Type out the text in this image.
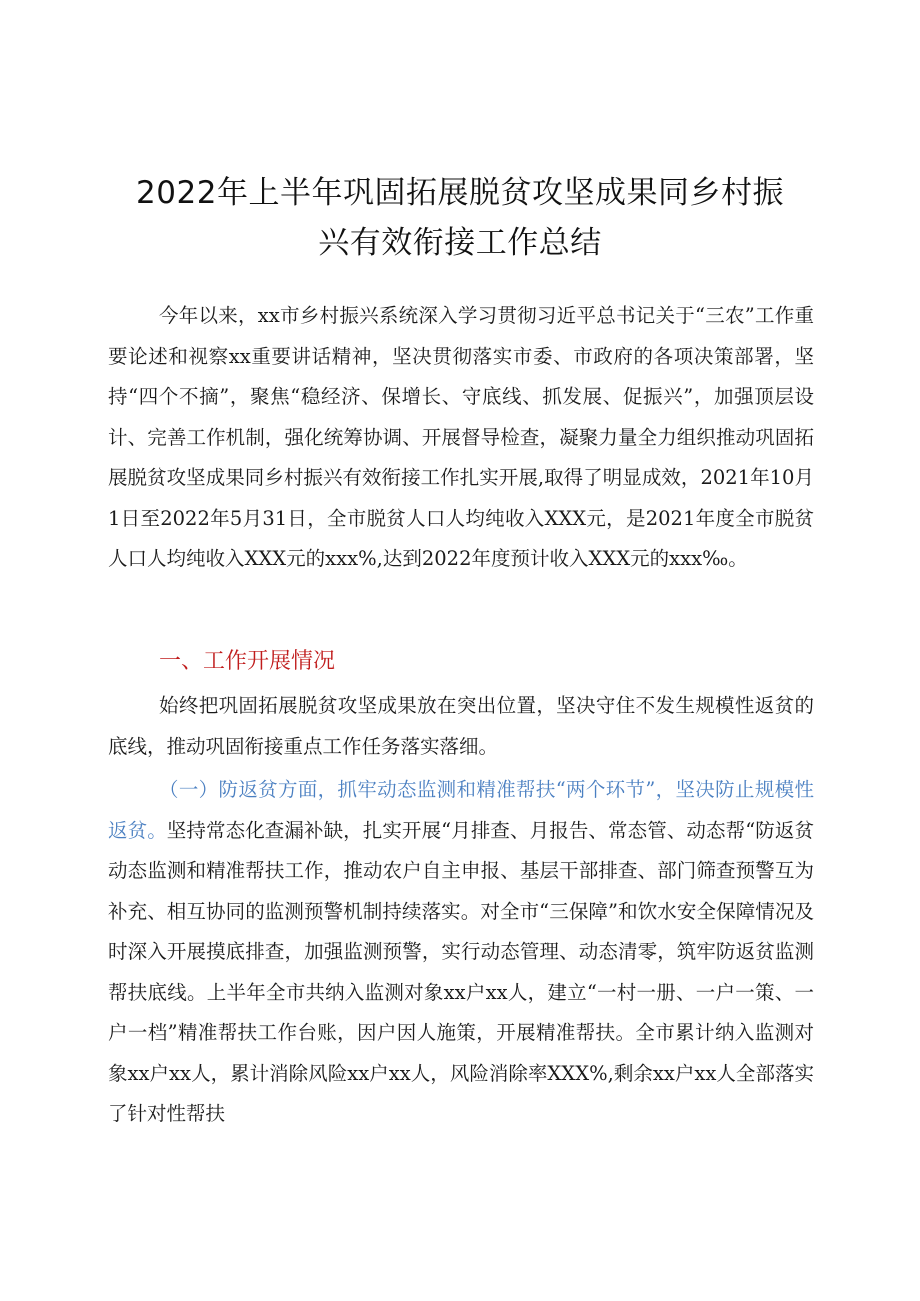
2022年上半年巩固拓展脱贫攻坚成果同乡村振
兴有效衔接工作总结

今年以来，xx市乡村振兴系统深入学习贯彻习近平总书记关于“三农”工作重要论述和视察xx重要讲话精神，坚决贯彻落实市委、市政府的各项决策部署，坚持“四个不摘”，聚焦“稳经济、保增长、守底线、抓发展、促振兴”，加强顶层设计、完善工作机制，强化统筹协调、开展督导检查，凝聚力量全力组织推动巩固拓展脱贫攻坚成果同乡村振兴有效衔接工作扎实开展,取得了明显成效，2021年10月1日至2022年5月31日，全市脱贫人口人均纯收入XXX元，是2021年度全市脱贫人口人均纯收入XXX元的xxx%,达到2022年度预计收入XXX元的xxx‰。

一、工作开展情况

始终把巩固拓展脱贫攻坚成果放在突出位置，坚决守住不发生规模性返贫的底线，推动巩固衔接重点工作任务落实落细。

（一）防返贫方面，抓牢动态监测和精准帮扶“两个环节”，坚决防止规模性返贫。坚持常态化查漏补缺，扎实开展“月排查、月报告、常态管、动态帮“防返贫动态监测和精准帮扶工作，推动农户自主申报、基层干部排查、部门筛查预警互为补充、相互协同的监测预警机制持续落实。对全市“三保障”和饮水安全保障情况及时深入开展摸底排查，加强监测预警，实行动态管理、动态清零，筑牢防返贫监测帮扶底线。上半年全市共纳入监测对象xx户xx人，建立“一村一册、一户一策、一户一档”精准帮扶工作台账，因户因人施策，开展精准帮扶。全市累计纳入监测对象xx户xx人，累计消除风险xx户xx人，风险消除率XXX%,剩余xx户xx人全部落实了针对性帮扶
